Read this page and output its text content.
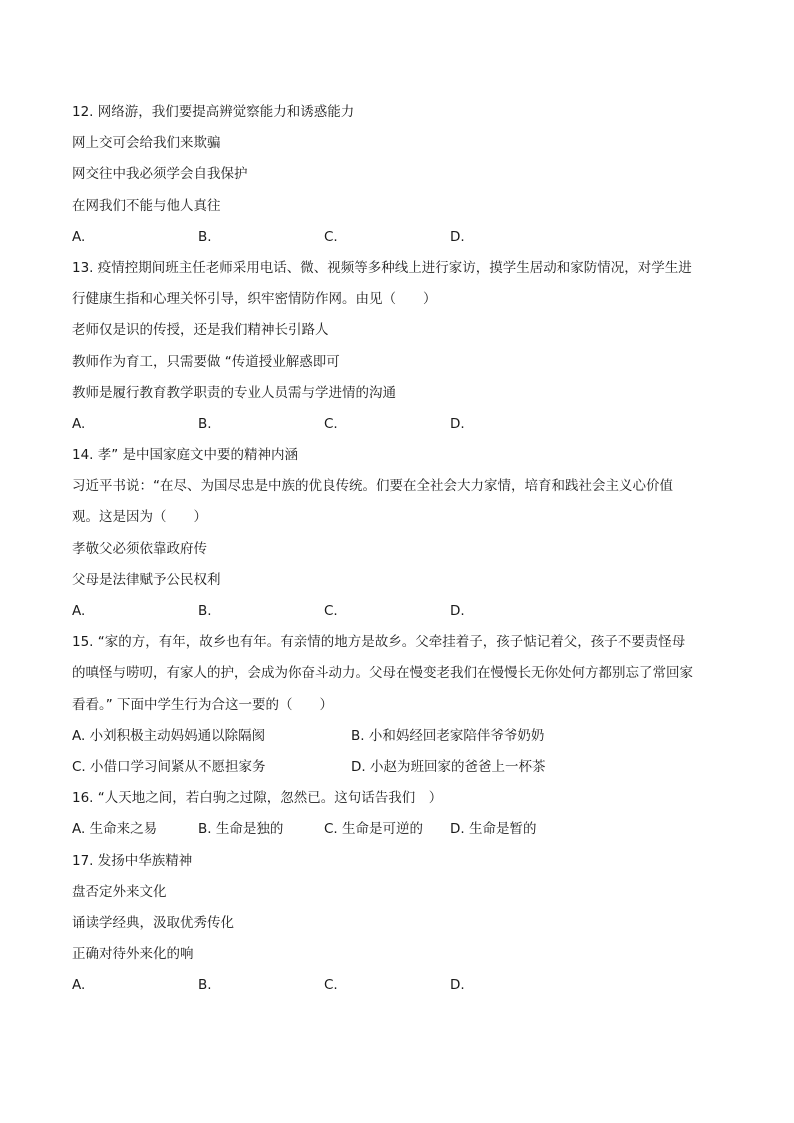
12. 网络游，我们要提高辨觉察能力和诱惑能力
网上交可会给我们来欺骗
网交往中我必须学会自我保护
在网我们不能与他人真往
A.	B.	C.	D.
13. 疫情控期间班主任老师采用电话、微、视频等多种线上进行家访，摸学生居动和家防情况，对学生进
行健康生指和心理关怀引导，织牢密情防作网。由见（　　）
老师仅是识的传授，还是我们精神长引路人
教师作为育工，只需要做 “传道授业解惑即可
教师是履行教育教学职责的专业人员需与学进情的沟通
A.	B.	C.	D.
14. 孝” 是中国家庭文中要的精神内涵
习近平书说：“在尽、为国尽忠是中族的优良传统。们要在全社会大力家情，培育和践社会主义心价值
观。这是因为（　　）
孝敬父必须依靠政府传
父母是法律赋予公民权利
A.	B.	C.	D.
15. “家的方，有年，故乡也有年。有亲情的地方是故乡。父牵挂着子，孩子惦记着父，孩子不要责怪母
的嗔怪与唠叨，有家人的护，会成为你奋斗动力。父母在慢变老我们在慢慢长无你处何方都别忘了常回家
看看。” 下面中学生行为合这一要的（　　）
A. 小刘积极主动妈妈通以除隔阂	B. 小和妈经回老家陪伴爷爷奶奶
C. 小借口学习间紧从不愿担家务	D. 小赵为班回家的爸爸上一杯茶
16. “人天地之间，若白驹之过隙，忽然已。这句话告我们　）
A. 生命来之易	B. 生命是独的	C. 生命是可逆的	D. 生命是暂的
17. 发扬中华族精神
盘否定外来文化
诵读学经典，汲取优秀传化
正确对待外来化的响
A.	B.	C.	D.
